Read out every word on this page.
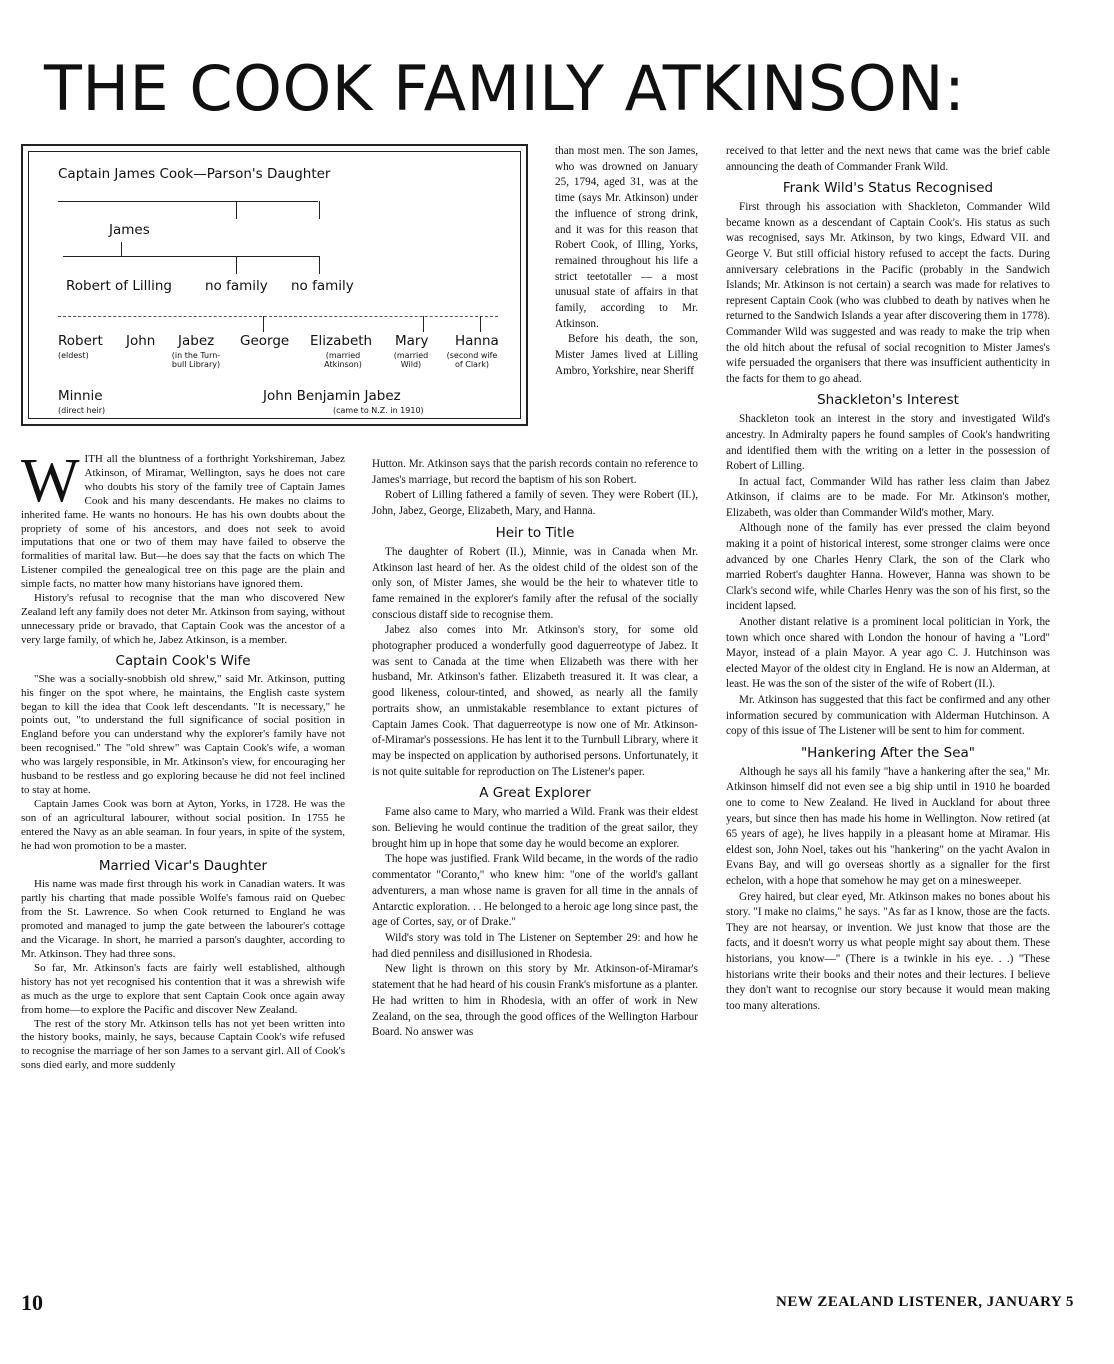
THE COOK FAMILY ATKINSON:
Captain James Cook—Parson's Daughter
James
Robert of Lilling no family no family
Robert
(eldest)
John Jabez
(in the Turn-
bull Library)
George Elizabeth
(married
Atkinson)
Mary
(married
Wild)
Hanna
(second wife
of Clark)
Minnie
(direct heir)
John Benjamin Jabez
(came to N.Z. in 1910)

WITH all the bluntness of a forthright Yorkshireman, Jabez Atkinson, of Miramar, Wellington, says he does not care who doubts his story of the family tree of Captain James Cook and his many descendants. He makes no claims to inherited fame. He wants no honours. He has his own doubts about the propriety of some of his ancestors, and does not seek to avoid imputations that one or two of them may have failed to observe the formalities of marital law. But—he does say that the facts on which The Listener compiled the genealogical tree on this page are the plain and simple facts, no matter how many historians have ignored them.

History's refusal to recognise that the man who discovered New Zealand left any family does not deter Mr. Atkinson from saying, without unnecessary pride or bravado, that Captain Cook was the ancestor of a very large family, of which he, Jabez Atkinson, is a member.

Captain Cook's Wife

"She was a socially-snobbish old shrew," said Mr. Atkinson, putting his finger on the spot where, he maintains, the English caste system began to kill the idea that Cook left descendants. "It is necessary," he points out, "to understand the full significance of social position in England before you can understand why the explorer's family have not been recognised." The "old shrew" was Captain Cook's wife, a woman who was largely responsible, in Mr. Atkinson's view, for encouraging her husband to be restless and go exploring because he did not feel inclined to stay at home.

Captain James Cook was born at Ayton, Yorks, in 1728. He was the son of an agricultural labourer, without social position. In 1755 he entered the Navy as an able seaman. In four years, in spite of the system, he had won promotion to be a master.

Married Vicar's Daughter

His name was made first through his work in Canadian waters. It was partly his charting that made possible Wolfe's famous raid on Quebec from the St. Lawrence. So when Cook returned to England he was promoted and managed to jump the gate between the labourer's cottage and the Vicarage. In short, he married a parson's daughter, according to Mr. Atkinson. They had three sons.

So far, Mr. Atkinson's facts are fairly well established, although history has not yet recognised his contention that it was a shrewish wife as much as the urge to explore that sent Captain Cook once again away from home—to explore the Pacific and discover New Zealand.

The rest of the story Mr. Atkinson tells has not yet been written into the history books, mainly, he says, because Captain Cook's wife refused to recognise the marriage of her son James to a servant girl. All of Cook's sons died early, and more suddenly

than most men. The son James, who was drowned on January 25, 1794, aged 31, was at the time (says Mr. Atkinson) under the influence of strong drink, and it was for this reason that Robert Cook, of Illing, Yorks, remained throughout his life a strict teetotaller — a most unusual state of affairs in that family, according to Mr. Atkinson.

Before his death, the son, Mister James lived at Lilling Ambro, Yorkshire, near Sheriff

Hutton. Mr. Atkinson says that the parish records contain no reference to James's marriage, but record the baptism of his son Robert.

Robert of Lilling fathered a family of seven. They were Robert (II.), John, Jabez, George, Elizabeth, Mary, and Hanna.

Heir to Title

The daughter of Robert (II.), Minnie, was in Canada when Mr. Atkinson last heard of her. As the oldest child of the oldest son of the only son, of Mister James, she would be the heir to whatever title to fame remained in the explorer's family after the refusal of the socially conscious distaff side to recognise them.

Jabez also comes into Mr. Atkinson's story, for some old photographer produced a wonderfully good daguerreotype of Jabez. It was sent to Canada at the time when Elizabeth was there with her husband, Mr. Atkinson's father. Elizabeth treasured it. It was clear, a good likeness, colour-tinted, and showed, as nearly all the family portraits show, an unmistakable resemblance to extant pictures of Captain James Cook. That daguerreotype is now one of Mr. Atkinson-of-Miramar's possessions. He has lent it to the Turnbull Library, where it may be inspected on application by authorised persons. Unfortunately, it is not quite suitable for reproduction on The Listener's paper.

A Great Explorer

Fame also came to Mary, who married a Wild. Frank was their eldest son. Believing he would continue the tradition of the great sailor, they brought him up in hope that some day he would become an explorer.

The hope was justified. Frank Wild became, in the words of the radio commentator "Coranto," who knew him: "one of the world's gallant adventurers, a man whose name is graven for all time in the annals of Antarctic exploration. . . He belonged to a heroic age long since past, the age of Cortes, say, or of Drake."

Wild's story was told in The Listener on September 29: and how he had died penniless and disillusioned in Rhodesia.

New light is thrown on this story by Mr. Atkinson-of-Miramar's statement that he had heard of his cousin Frank's misfortune as a planter. He had written to him in Rhodesia, with an offer of work in New Zealand, on the sea, through the good offices of the Wellington Harbour Board. No answer was

received to that letter and the next news that came was the brief cable announcing the death of Commander Frank Wild.

Frank Wild's Status Recognised

First through his association with Shackleton, Commander Wild became known as a descendant of Captain Cook's. His status as such was recognised, says Mr. Atkinson, by two kings, Edward VII. and George V. But still official history refused to accept the facts. During anniversary celebrations in the Pacific (probably in the Sandwich Islands; Mr. Atkinson is not certain) a search was made for relatives to represent Captain Cook (who was clubbed to death by natives when he returned to the Sandwich Islands a year after discovering them in 1778). Commander Wild was suggested and was ready to make the trip when the old hitch about the refusal of social recognition to Mister James's wife persuaded the organisers that there was insufficient authenticity in the facts for them to go ahead.

Shackleton's Interest

Shackleton took an interest in the story and investigated Wild's ancestry. In Admiralty papers he found samples of Cook's handwriting and identified them with the writing on a letter in the possession of Robert of Lilling.

In actual fact, Commander Wild has rather less claim than Jabez Atkinson, if claims are to be made. For Mr. Atkinson's mother, Elizabeth, was older than Commander Wild's mother, Mary.

Although none of the family has ever pressed the claim beyond making it a point of historical interest, some stronger claims were once advanced by one Charles Henry Clark, the son of the Clark who married Robert's daughter Hanna. However, Hanna was shown to be Clark's second wife, while Charles Henry was the son of his first, so the incident lapsed.

Another distant relative is a prominent local politician in York, the town which once shared with London the honour of having a "Lord" Mayor, instead of a plain Mayor. A year ago C. J. Hutchinson was elected Mayor of the oldest city in England. He is now an Alderman, at least. He was the son of the sister of the wife of Robert (II.).

Mr. Atkinson has suggested that this fact be confirmed and any other information secured by communication with Alderman Hutchinson. A copy of this issue of The Listener will be sent to him for comment.

"Hankering After the Sea"

Although he says all his family "have a hankering after the sea," Mr. Atkinson himself did not even see a big ship until in 1910 he boarded one to come to New Zealand. He lived in Auckland for about three years, but since then has made his home in Wellington. Now retired (at 65 years of age), he lives happily in a pleasant home at Miramar. His eldest son, John Noel, takes out his "hankering" on the yacht Avalon in Evans Bay, and will go overseas shortly as a signaller for the first echelon, with a hope that somehow he may get on a minesweeper.

Grey haired, but clear eyed, Mr. Atkinson makes no bones about his story. "I make no claims," he says. "As far as I know, those are the facts. They are not hearsay, or invention. We just know that those are the facts, and it doesn't worry us what people might say about them. These historians, you know—" (There is a twinkle in his eye. . .) "These historians write their books and their notes and their lectures. I believe they don't want to recognise our story because it would mean making too many alterations.

10	NEW ZEALAND LISTENER, JANUARY 5
